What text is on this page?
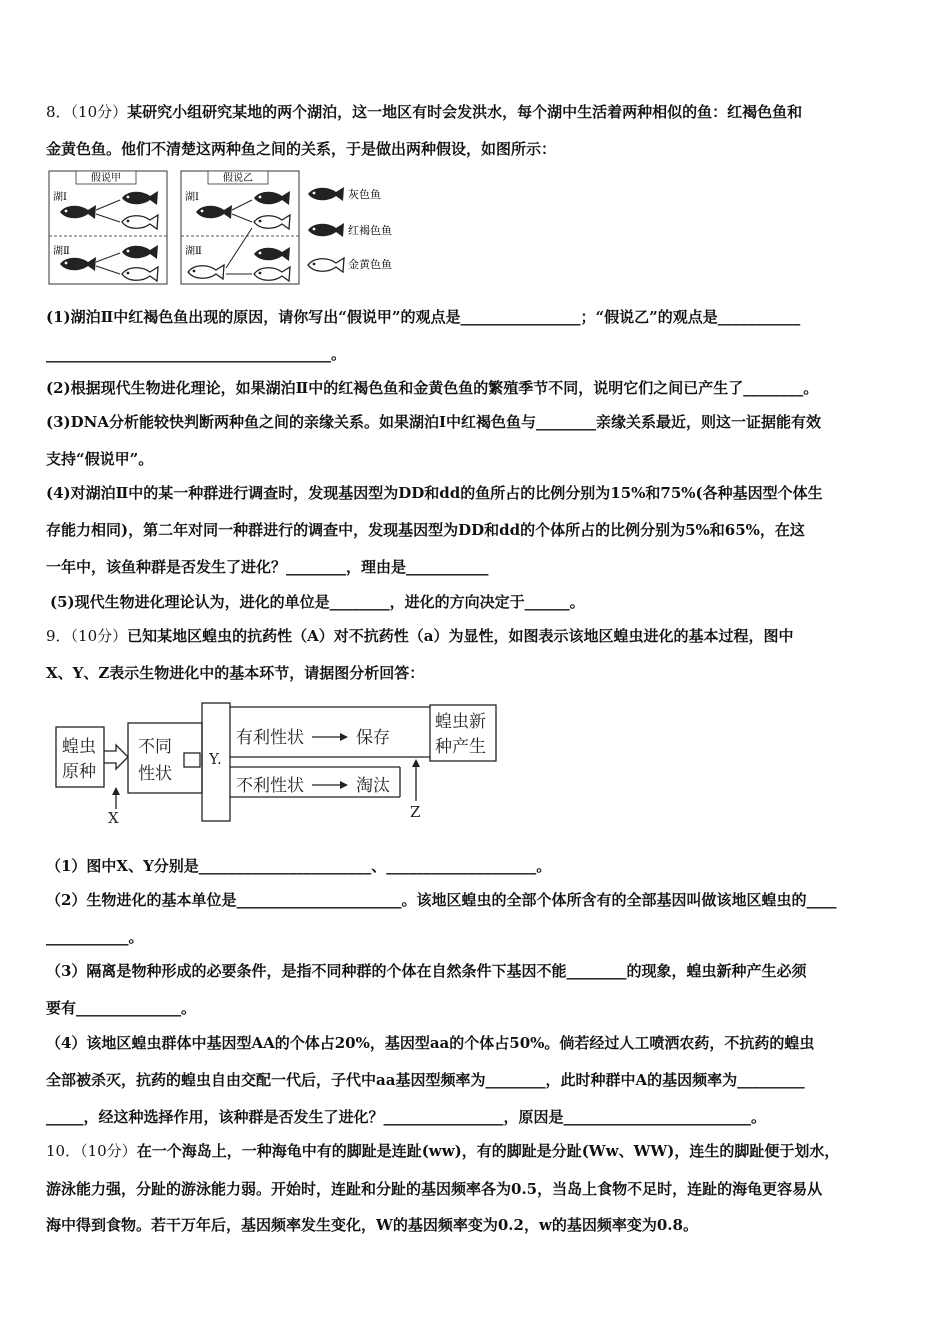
8．（10分）某研究小组研究某地的两个湖泊，这一地区有时会发洪水，每个湖中生活着两种相似的鱼：红褐色鱼和
金黄色鱼。他们不清楚这两种鱼之间的关系，于是做出两种假设，如图所示：
假说甲
湖Ⅰ
湖Ⅱ
假说乙
湖Ⅰ
湖Ⅱ
灰色鱼
红褐色鱼
金黄色鱼
(1)湖泊Ⅱ中红褐色鱼出现的原因，请你写出“假说甲”的观点是________________；“假说乙”的观点是___________
______________________________________。
(2)根据现代生物进化理论，如果湖泊Ⅱ中的红褐色鱼和金黄色鱼的繁殖季节不同，说明它们之间已产生了________。
(3)DNA分析能较快判断两种鱼之间的亲缘关系。如果湖泊Ⅰ中红褐色鱼与________亲缘关系最近，则这一证据能有效
支持“假说甲”。
(4)对湖泊Ⅱ中的某一种群进行调查时，发现基因型为DD和dd的鱼所占的比例分别为15%和75%(各种基因型个体生
存能力相同)，第二年对同一种群进行的调查中，发现基因型为DD和dd的个体所占的比例分别为5%和65%，在这
一年中，该鱼种群是否发生了进化？________，理由是___________
(5)现代生物进化理论认为，进化的单位是________，进化的方向决定于______。
9．（10分）已知某地区蝗虫的抗药性（A）对不抗药性（a）为显性，如图表示该地区蝗虫进化的基本过程，图中
X、Y、Z表示生物进化中的基本环节，请据图分析回答：
蝗虫
原种
不同
性状
Y.
有利性状	保存
不利性状	淘汰
蝗虫新
种产生
X	Z
（1）图中X、Y分别是_______________________、____________________。
（2）生物进化的基本单位是______________________。该地区蝗虫的全部个体所含有的全部基因叫做该地区蝗虫的____
___________。
（3）隔离是物种形成的必要条件，是指不同种群的个体在自然条件下基因不能________的现象，蝗虫新种产生必须
要有______________。
（4）该地区蝗虫群体中基因型AA的个体占20%，基因型aa的个体占50%。倘若经过人工喷洒农药，不抗药的蝗虫
全部被杀灭，抗药的蝗虫自由交配一代后，子代中aa基因型频率为________，此时种群中A的基因频率为_________
_____，经这种选择作用，该种群是否发生了进化？________________，原因是_________________________。
10．（10分）在一个海岛上，一种海龟中有的脚趾是连趾(ww)，有的脚趾是分趾(Ww、WW)，连生的脚趾便于划水，
游泳能力强，分趾的游泳能力弱。开始时，连趾和分趾的基因频率各为0.5，当岛上食物不足时，连趾的海龟更容易从
海中得到食物。若干万年后，基因频率发生变化，W的基因频率变为0.2，w的基因频率变为0.8。
